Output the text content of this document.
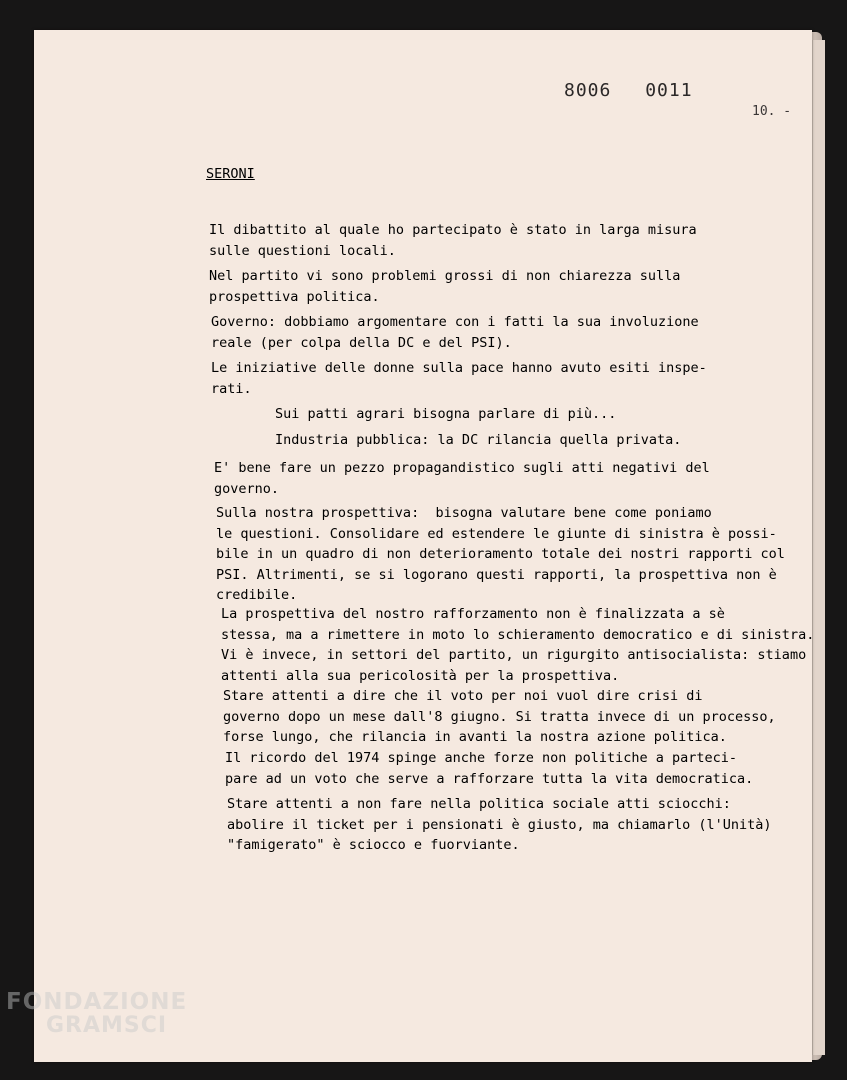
8006 0011
10. -
SERONI
Il dibattito al quale ho partecipato è stato in larga misura
sulle questioni locali.
Nel partito vi sono problemi grossi di non chiarezza sulla
prospettiva politica.
Governo: dobbiamo argomentare con i fatti la sua involuzione
reale (per colpa della DC e del PSI).
Le iniziative delle donne sulla pace hanno avuto esiti inspe-
rati.
Sui patti agrari bisogna parlare di più...
Industria pubblica: la DC rilancia quella privata.
E' bene fare un pezzo propagandistico sugli atti negativi del
governo.
Sulla nostra prospettiva:  bisogna valutare bene come poniamo
le questioni. Consolidare ed estendere le giunte di sinistra è possi-
bile in un quadro di non deterioramento totale dei nostri rapporti col
PSI. Altrimenti, se si logorano questi rapporti, la prospettiva non è
credibile.
La prospettiva del nostro rafforzamento non è finalizzata a sè
stessa, ma a rimettere in moto lo schieramento democratico e di sinistra.
Vi è invece, in settori del partito, un rigurgito antisocialista: stiamo
attenti alla sua pericolosità per la prospettiva.
Stare attenti a dire che il voto per noi vuol dire crisi di
governo dopo un mese dall'8 giugno. Si tratta invece di un processo,
forse lungo, che rilancia in avanti la nostra azione politica.
Il ricordo del 1974 spinge anche forze non politiche a parteci-
pare ad un voto che serve a rafforzare tutta la vita democratica.
Stare attenti a non fare nella politica sociale atti sciocchi:
abolire il ticket per i pensionati è giusto, ma chiamarlo (l'Unità)
"famigerato" è sciocco e fuorviante.
FONDAZIONE
GRAMSCI
